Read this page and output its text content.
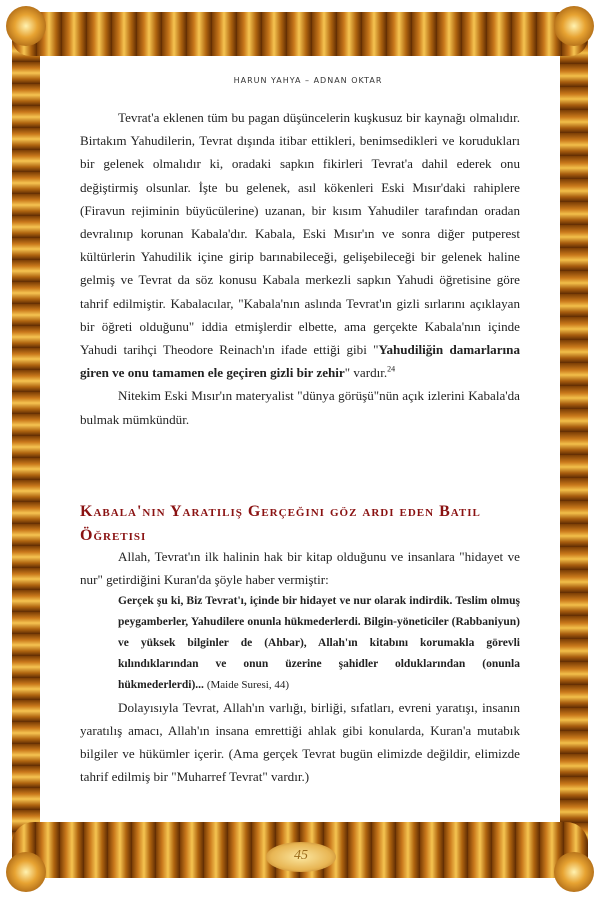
HARUN YAHYA – ADNAN OKTAR

Tevrat'a eklenen tüm bu pagan düşüncelerin kuşkusuz bir kaynağı olmalıdır. Birtakım Yahudilerin, Tevrat dışında itibar ettikleri, benimsedikleri ve korudukları bir gelenek olmalıdır ki, oradaki sapkın fikirleri Tevrat'a dahil ederek onu değiştirmiş olsunlar. İşte bu gelenek, asıl kökenleri Eski Mısır'daki rahiplere (Firavun rejiminin büyücülerine) uzanan, bir kısım Yahudiler tarafından oradan devralınıp korunan Kabala'dır. Kabala, Eski Mısır'ın ve sonra diğer putperest kültürlerin Yahudilik içine girip barınabileceği, gelişebileceği bir gelenek haline gelmiş ve Tevrat da söz konusu Kabala merkezli sapkın Yahudi öğretisine göre tahrif edilmiştir. Kabalacılar, "Kabala'nın aslında Tevrat'ın gizli sırlarını açıklayan bir öğreti olduğunu" iddia etmişlerdir elbette, ama gerçekte Kabala'nın içinde Yahudi tarihçi Theodore Reinach'ın ifade ettiği gibi "Yahudiliğin damarlarına giren ve onu tamamen ele geçiren gizli bir zehir" vardır.$^{24}$

Nitekim Eski Mısır'ın materyalist "dünya görüşü"nün açık izlerini Kabala'da bulmak mümkündür.

Kabala'nın Yaratılış Gerçeğini göz ardı eden Batıl Öğretisi

Allah, Tevrat'ın ilk halinin hak bir kitap olduğunu ve insanlara "hidayet ve nur" getirdiğini Kuran'da şöyle haber vermiştir:

Gerçek şu ki, Biz Tevrat'ı, içinde bir hidayet ve nur olarak indirdik. Teslim olmuş peygamberler, Yahudilere onunla hükmederlerdi. Bilgin-yöneticiler (Rabbaniyun) ve yüksek bilginler de (Ahbar), Allah'ın kitabını korumakla görevli kılındıklarından ve onun üzerine şahidler olduklarından (onunla hükmederlerdi)... (Maide Suresi, 44)

Dolayısıyla Tevrat, Allah'ın varlığı, birliği, sıfatları, evreni yaratışı, insanın yaratılış amacı, Allah'ın insana emrettiği ahlak gibi konularda, Kuran'a mutabık bilgiler ve hükümler içerir. (Ama gerçek Tevrat bugün elimizde değildir, elimizde tahrif edilmiş bir "Muharref Tevrat" vardır.)

45
